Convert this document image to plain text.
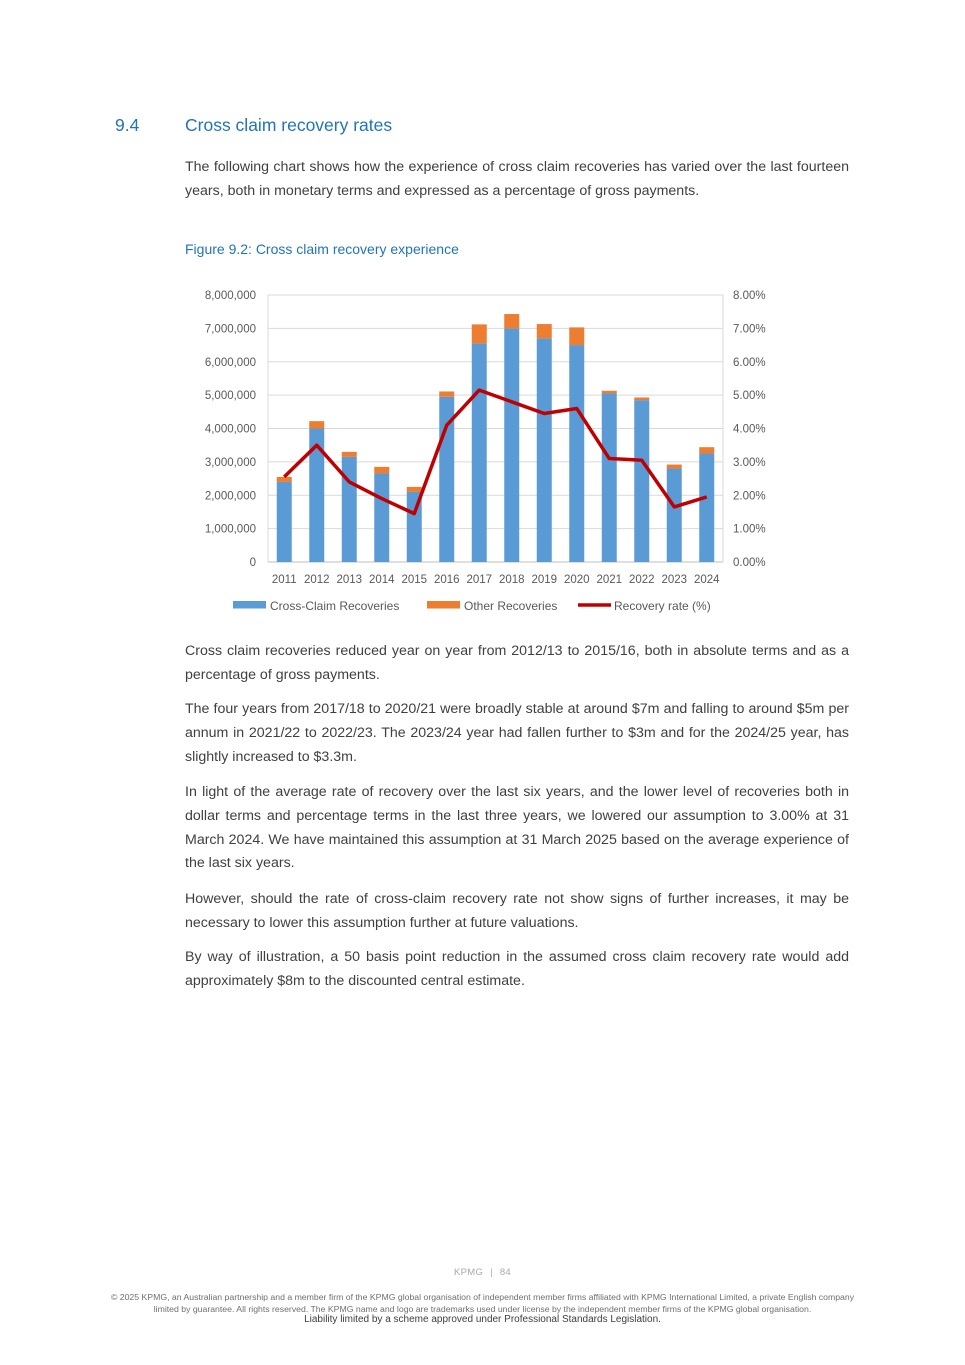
9.4	Cross claim recovery rates

The following chart shows how the experience of cross claim recoveries has varied over the last fourteen years, both in monetary terms and expressed as a percentage of gross payments.

Figure 9.2: Cross claim recovery experience
8,000,000
7,000,000
6,000,000
5,000,000
4,000,000
3,000,000
2,000,000
1,000,000
0
8.00%
7.00%
6.00%
5.00%
4.00%
3.00%
2.00%
1.00%
0.00%
2011 2012 2013 2014 2015 2016 2017 2018 2019 2020 2021 2022 2023 2024
Cross-Claim Recoveries	Other Recoveries	Recovery rate (%)

Cross claim recoveries reduced year on year from 2012/13 to 2015/16, both in absolute terms and as a percentage of gross payments.

The four years from 2017/18 to 2020/21 were broadly stable at around $7m and falling to around $5m per annum in 2021/22 to 2022/23. The 2023/24 year had fallen further to $3m and for the 2024/25 year, has slightly increased to $3.3m.

In light of the average rate of recovery over the last six years, and the lower level of recoveries both in dollar terms and percentage terms in the last three years, we lowered our assumption to 3.00% at 31 March 2024. We have maintained this assumption at 31 March 2025 based on the average experience of the last six years.

However, should the rate of cross-claim recovery rate not show signs of further increases, it may be necessary to lower this assumption further at future valuations.

By way of illustration, a 50 basis point reduction in the assumed cross claim recovery rate would add approximately $8m to the discounted central estimate.

KPMG | 84
© 2025 KPMG, an Australian partnership and a member firm of the KPMG global organisation of independent member firms affiliated with KPMG International Limited, a private English company limited by guarantee. All rights reserved. The KPMG name and logo are trademarks used under license by the independent member firms of the KPMG global organisation.
Liability limited by a scheme approved under Professional Standards Legislation.
